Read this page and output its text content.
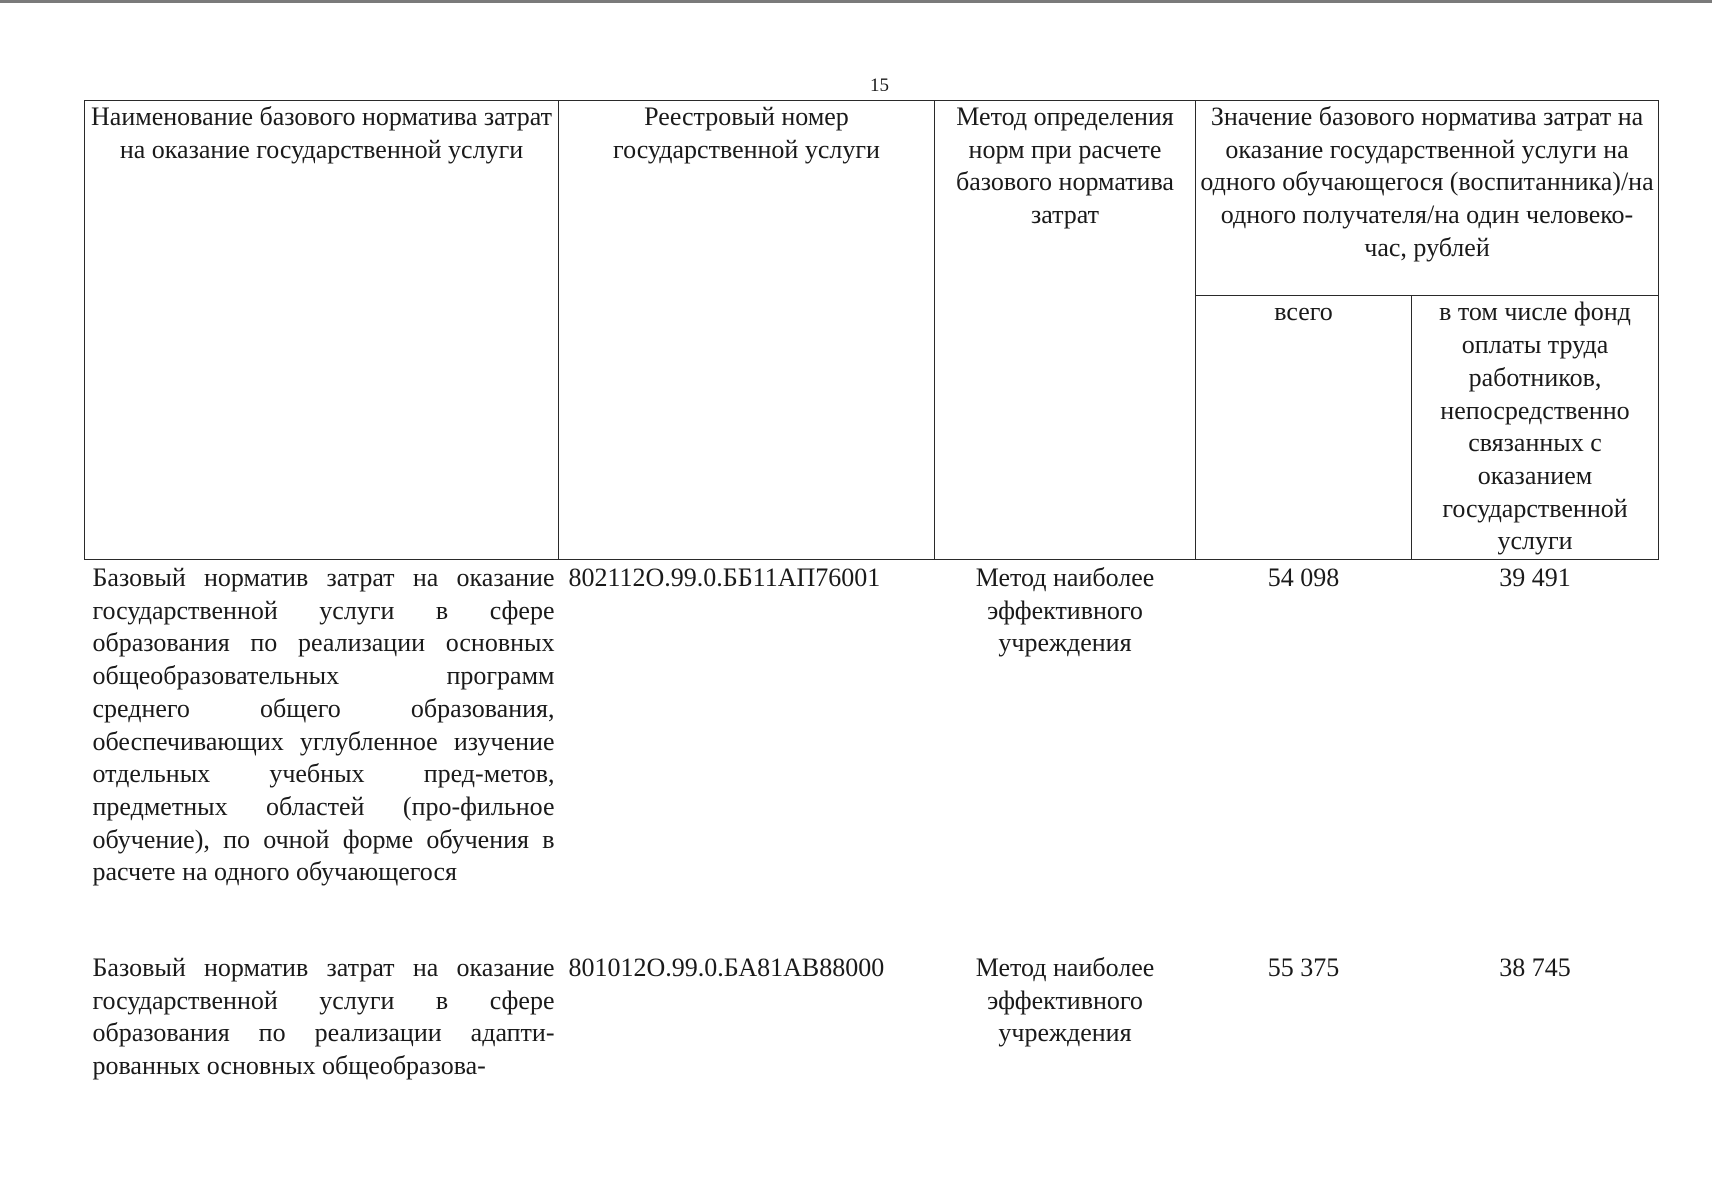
15
Наименование базового норматива затрат на оказание государственной услуги	Реестровый номер государственной услуги	Метод определения норм при расчете базового норматива затрат	Значение базового норматива затрат на оказание государственной услуги на одного обучающегося (воспитанника)/на одного получателя/на один человеко-час, рублей	

			всего	в том числе фонд оплаты труда работников, непосредственно связанных с оказанием государственной услуги

Базовый норматив затрат на оказание государственной услуги в сфере образования по реализации основных общеобразовательных программ среднего общего образования, обеспечивающих углубленное изучение отдельных учебных пред-метов, предметных областей (про-фильное обучение), по очной форме обучения в расчете на одного обучающегося	802112О.99.0.ББ11АП76001	Метод наиболее эффективного учреждения	54 098	39 491
Базовый норматив затрат на оказание государственной услуги в сфере образования по реализации адапти-рованных основных общеобразова-	801012О.99.0.БА81АВ88000	Метод наиболее эффективного учреждения	55 375	38 745
